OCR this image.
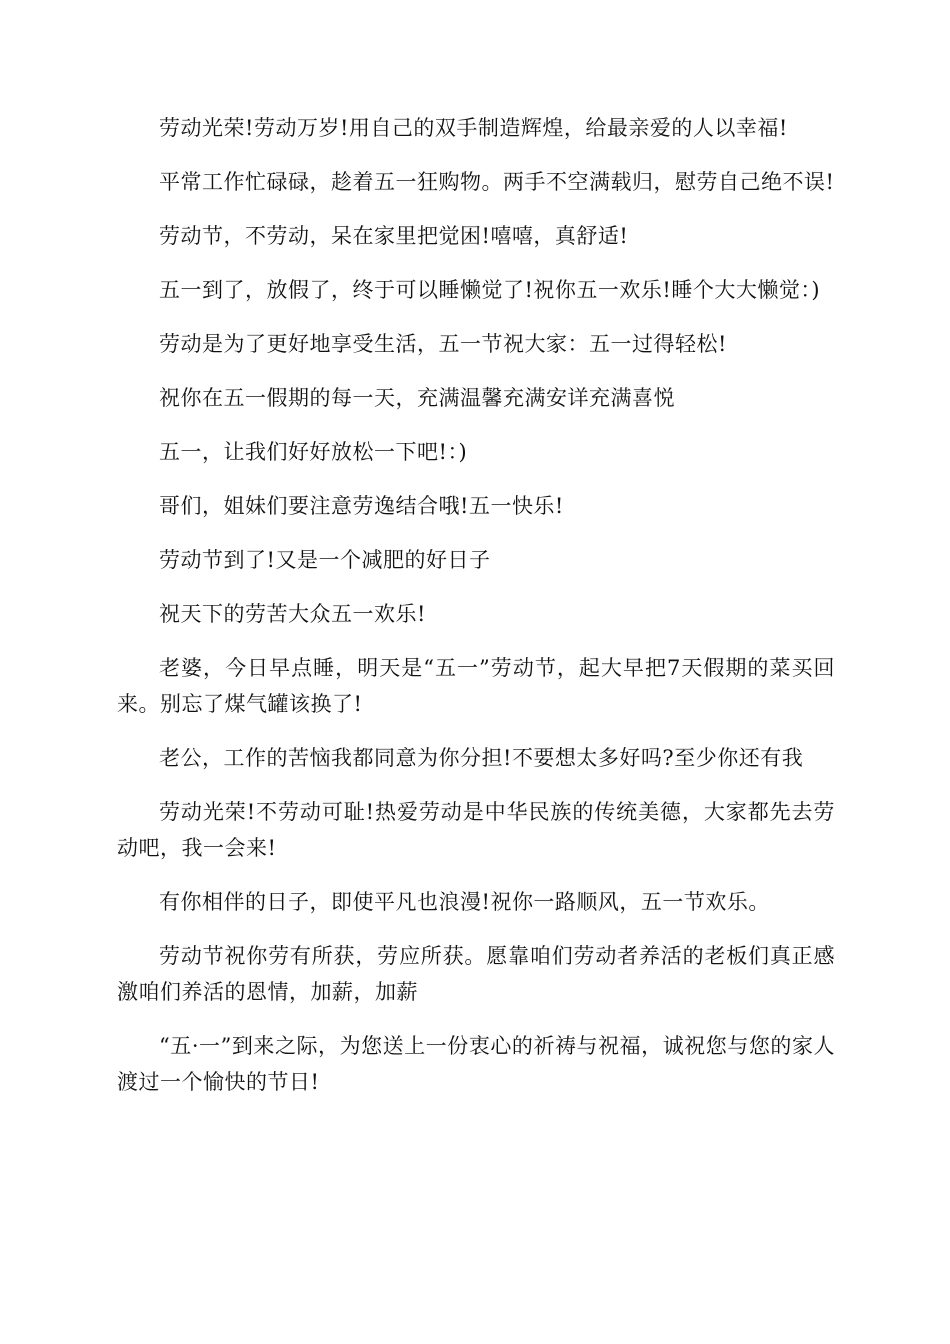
劳动光荣!劳动万岁!用自己的双手制造辉煌，给最亲爱的人以幸福!

平常工作忙碌碌，趁着五一狂购物。两手不空满载归，慰劳自己绝不误!

劳动节，不劳动，呆在家里把觉困!嘻嘻，真舒适!

五一到了，放假了，终于可以睡懒觉了!祝你五一欢乐!睡个大大懒觉：)

劳动是为了更好地享受生活，五一节祝大家：五一过得轻松!

祝你在五一假期的每一天，充满温馨充满安详充满喜悦

五一，让我们好好放松一下吧!：)

哥们，姐妹们要注意劳逸结合哦!五一快乐!

劳动节到了!又是一个减肥的好日子

祝天下的劳苦大众五一欢乐!

老婆，今日早点睡，明天是“五一”劳动节，起大早把7天假期的菜买回来。别忘了煤气罐该换了!

老公，工作的苦恼我都同意为你分担!不要想太多好吗?至少你还有我

劳动光荣!不劳动可耻!热爱劳动是中华民族的传统美德，大家都先去劳动吧，我一会来!

有你相伴的日子，即使平凡也浪漫!祝你一路顺风，五一节欢乐。

劳动节祝你劳有所获，劳应所获。愿靠咱们劳动者养活的老板们真正感激咱们养活的恩情，加薪，加薪

“五·一”到来之际，为您送上一份衷心的祈祷与祝福，诚祝您与您的家人渡过一个愉快的节日!
